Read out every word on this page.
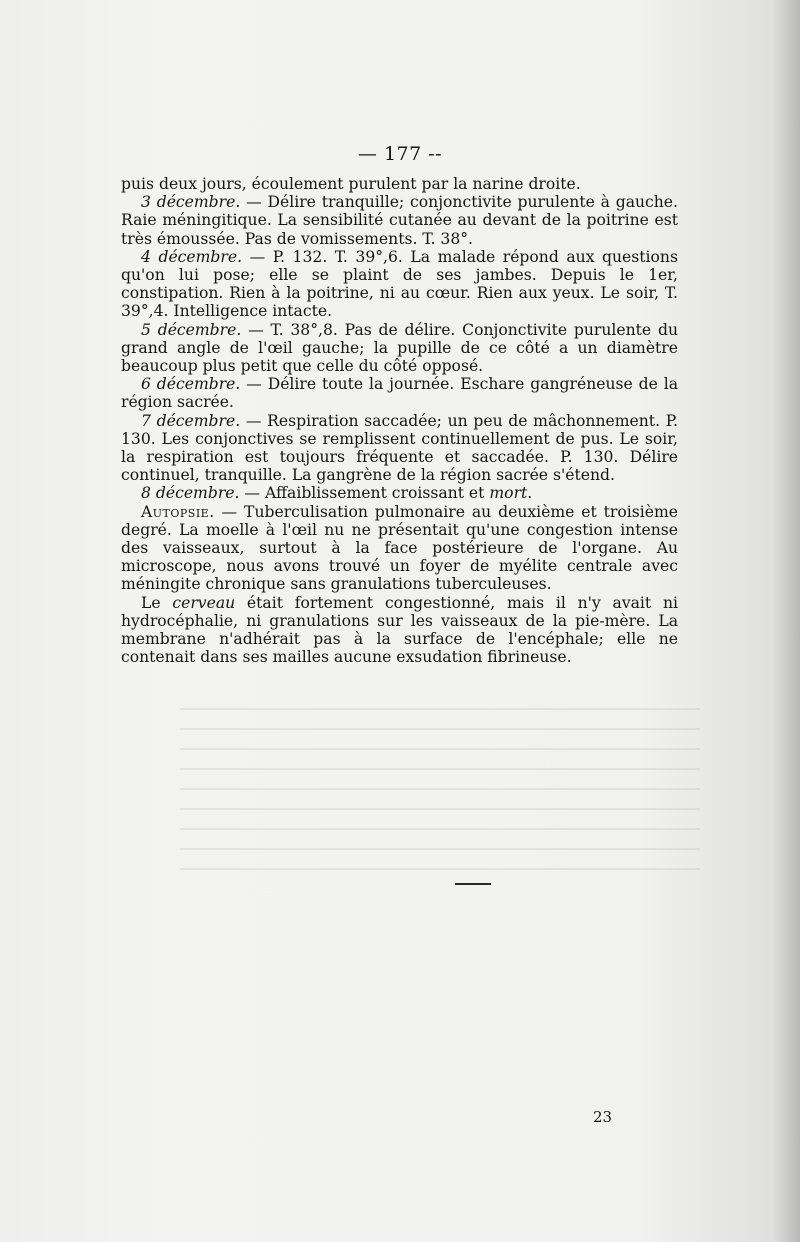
— 177 --

puis deux jours, écoulement purulent par la narine droite.

3 décembre. — Délire tranquille; conjonctivite purulente à gauche. Raie méningitique. La sensibilité cutanée au devant de la poitrine est très émoussée. Pas de vomissements. T. 38°.

4 décembre. — P. 132. T. 39°,6. La malade répond aux questions qu'on lui pose; elle se plaint de ses jambes. Depuis le 1er, constipation. Rien à la poitrine, ni au cœur. Rien aux yeux. Le soir, T. 39°,4. Intelligence intacte.

5 décembre. — T. 38°,8. Pas de délire. Conjonctivite purulente du grand angle de l'œil gauche; la pupille de ce côté a un diamètre beaucoup plus petit que celle du côté opposé.

6 décembre. — Délire toute la journée. Eschare gangréneuse de la région sacrée.

7 décembre. — Respiration saccadée; un peu de mâchonnement. P. 130. Les conjonctives se remplissent continuellement de pus. Le soir, la respiration est toujours fréquente et saccadée. P. 130. Délire continuel, tranquille. La gangrène de la région sacrée s'étend.

8 décembre. — Affaiblissement croissant et mort.

Autopsie. — Tuberculisation pulmonaire au deuxième et troisième degré. La moelle à l'œil nu ne présentait qu'une congestion intense des vaisseaux, surtout à la face postérieure de l'organe. Au microscope, nous avons trouvé un foyer de myélite centrale avec méningite chronique sans granulations tuberculeuses.

Le cerveau était fortement congestionné, mais il n'y avait ni hydrocéphalie, ni granulations sur les vaisseaux de la pie-mère. La membrane n'adhérait pas à la surface de l'encéphale; elle ne contenait dans ses mailles aucune exsudation fibrineuse.

23
